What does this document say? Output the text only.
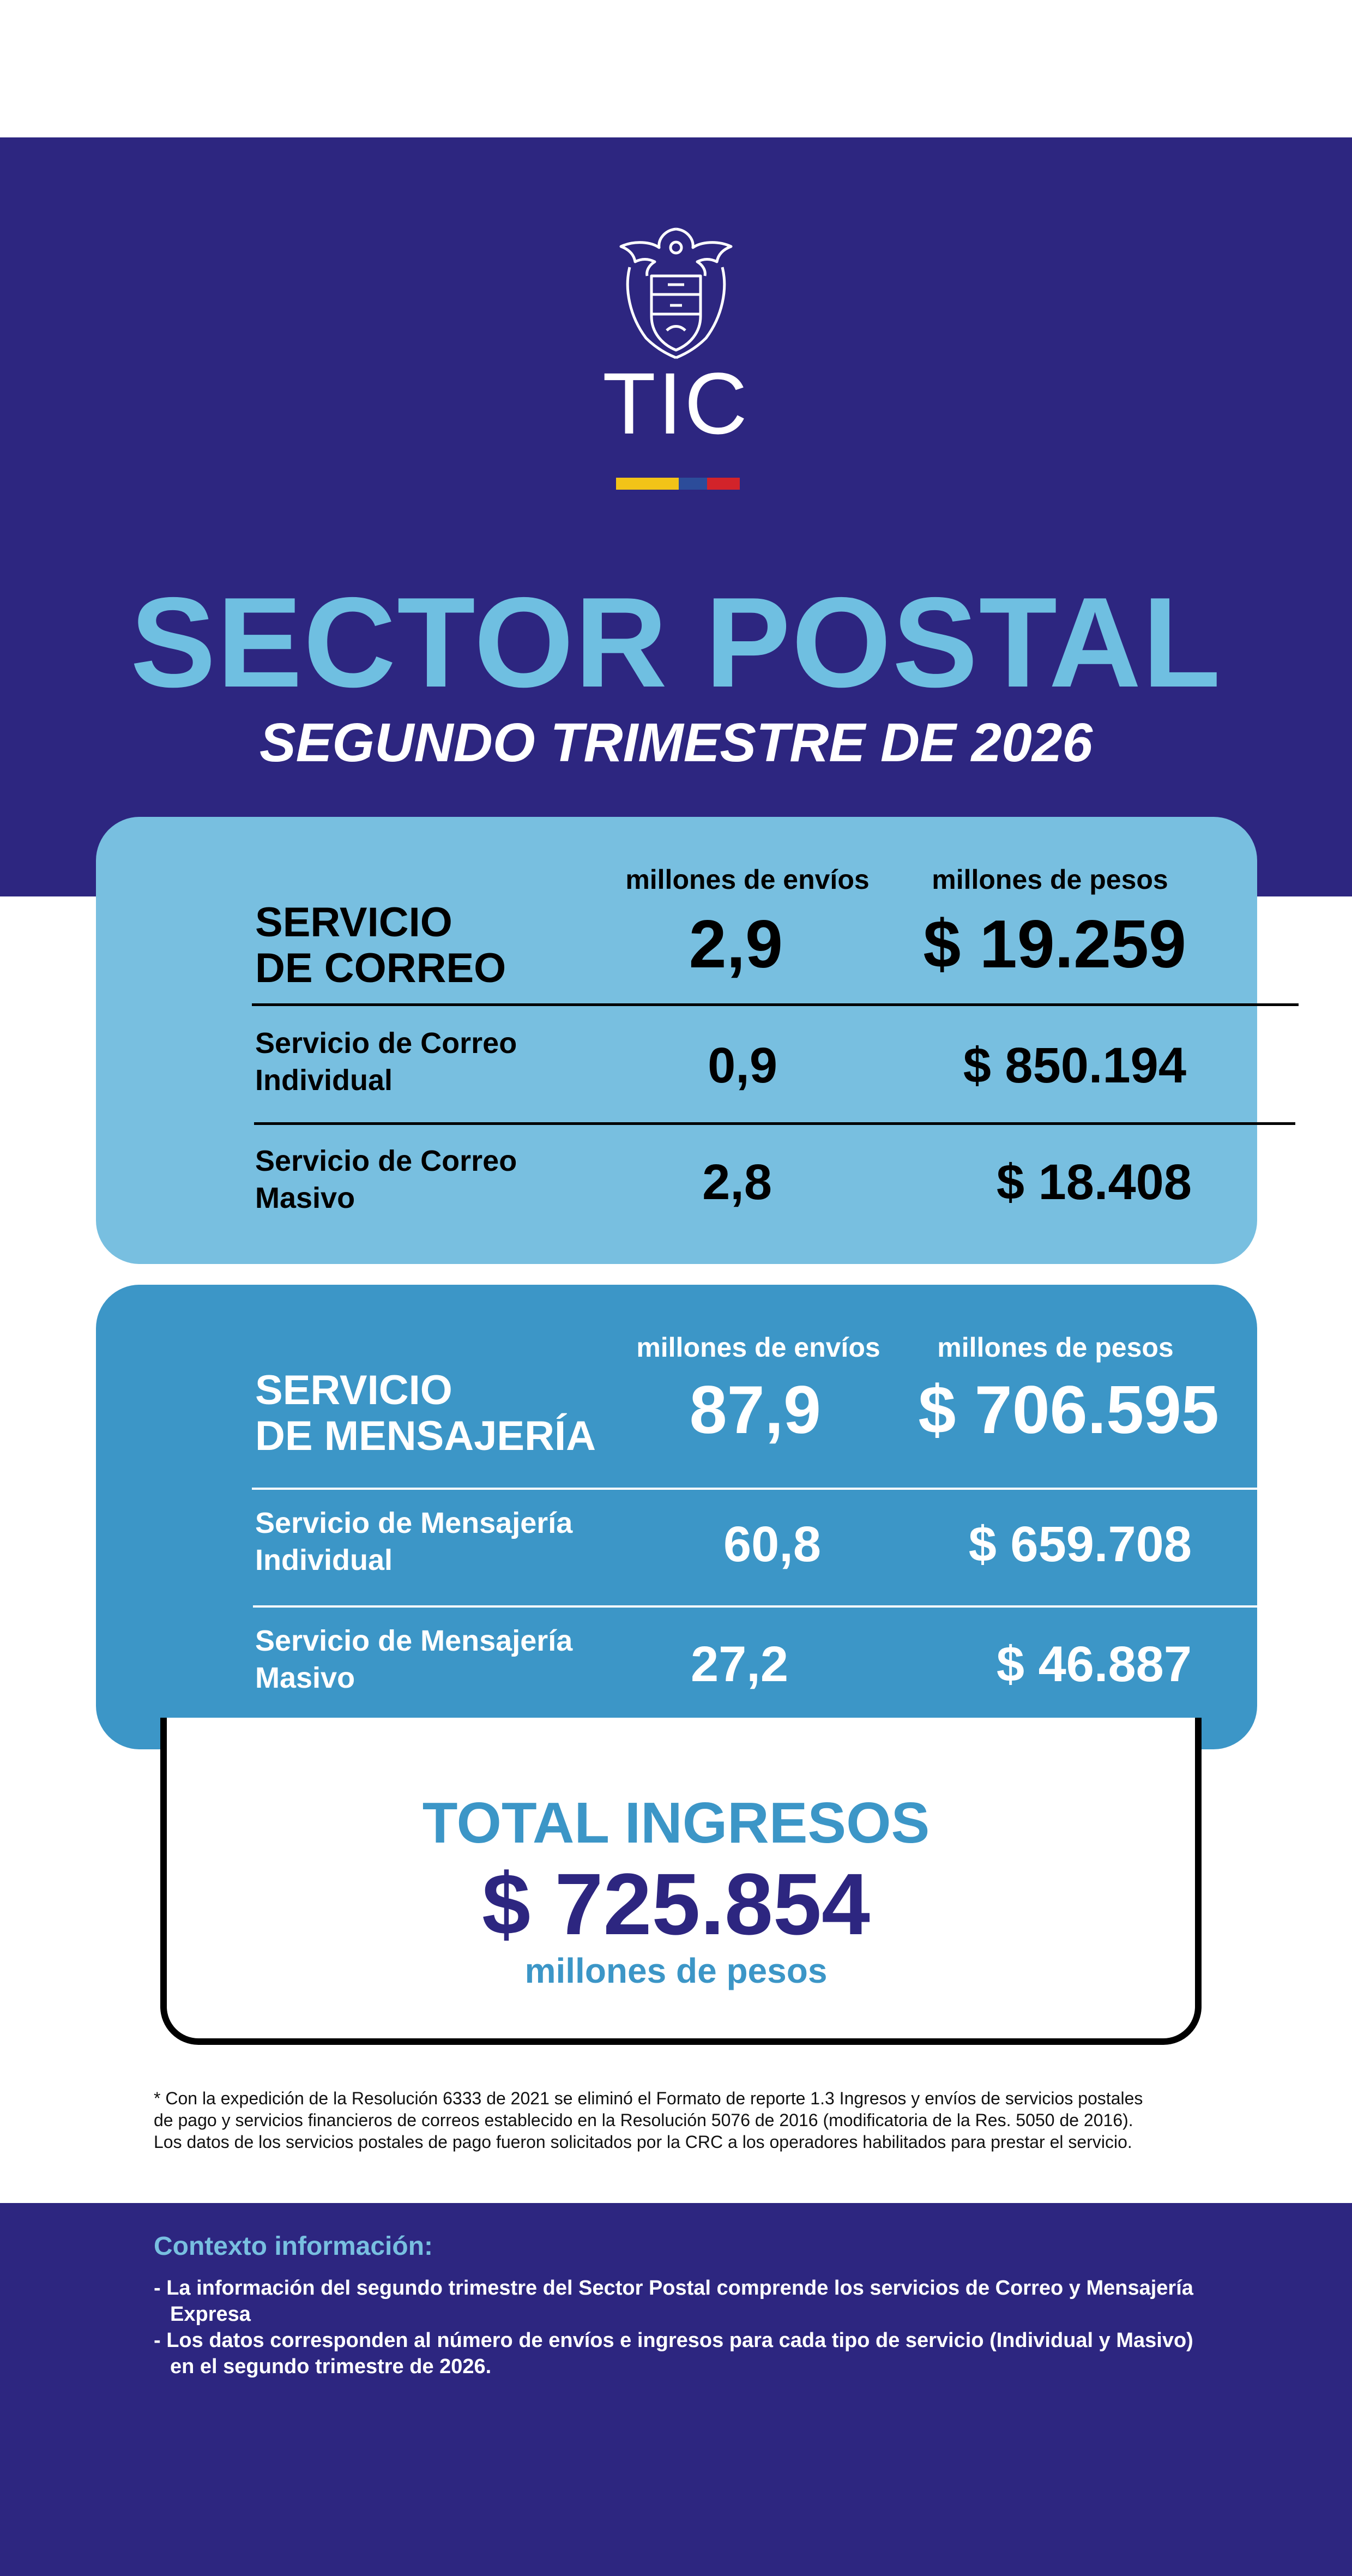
TIC
SECTOR POSTAL
SEGUNDO TRIMESTRE DE 2026
millones de envíos	millones de pesos
SERVICIO
DE CORREO	2,9	$ 19.259
Servicio de Correo
Individual	0,9	$ 850.194
Servicio de Correo
Masivo	2,8	$ 18.408
millones de envíos	millones de pesos
SERVICIO
DE MENSAJERÍA	87,9	$ 706.595
Servicio de Mensajería
Individual	60,8	$ 659.708
Servicio de Mensajería
Masivo	27,2	$ 46.887
TOTAL INGRESOS
$ 725.854
millones de pesos
* Con la expedición de la Resolución 6333 de 2021 se eliminó el Formato de reporte 1.3 Ingresos y envíos de servicios postales
de pago y servicios financieros de correos establecido en la Resolución 5076 de 2016 (modificatoria de la Res. 5050 de 2016).
Los datos de los servicios postales de pago fueron solicitados por la CRC a los operadores habilitados para prestar el servicio.
Contexto información:
- La información del segundo trimestre del Sector Postal comprende los servicios de Correo y Mensajería Expresa
- Los datos corresponden al número de envíos e ingresos para cada tipo de servicio (Individual y Masivo) en el segundo trimestre de 2026.
